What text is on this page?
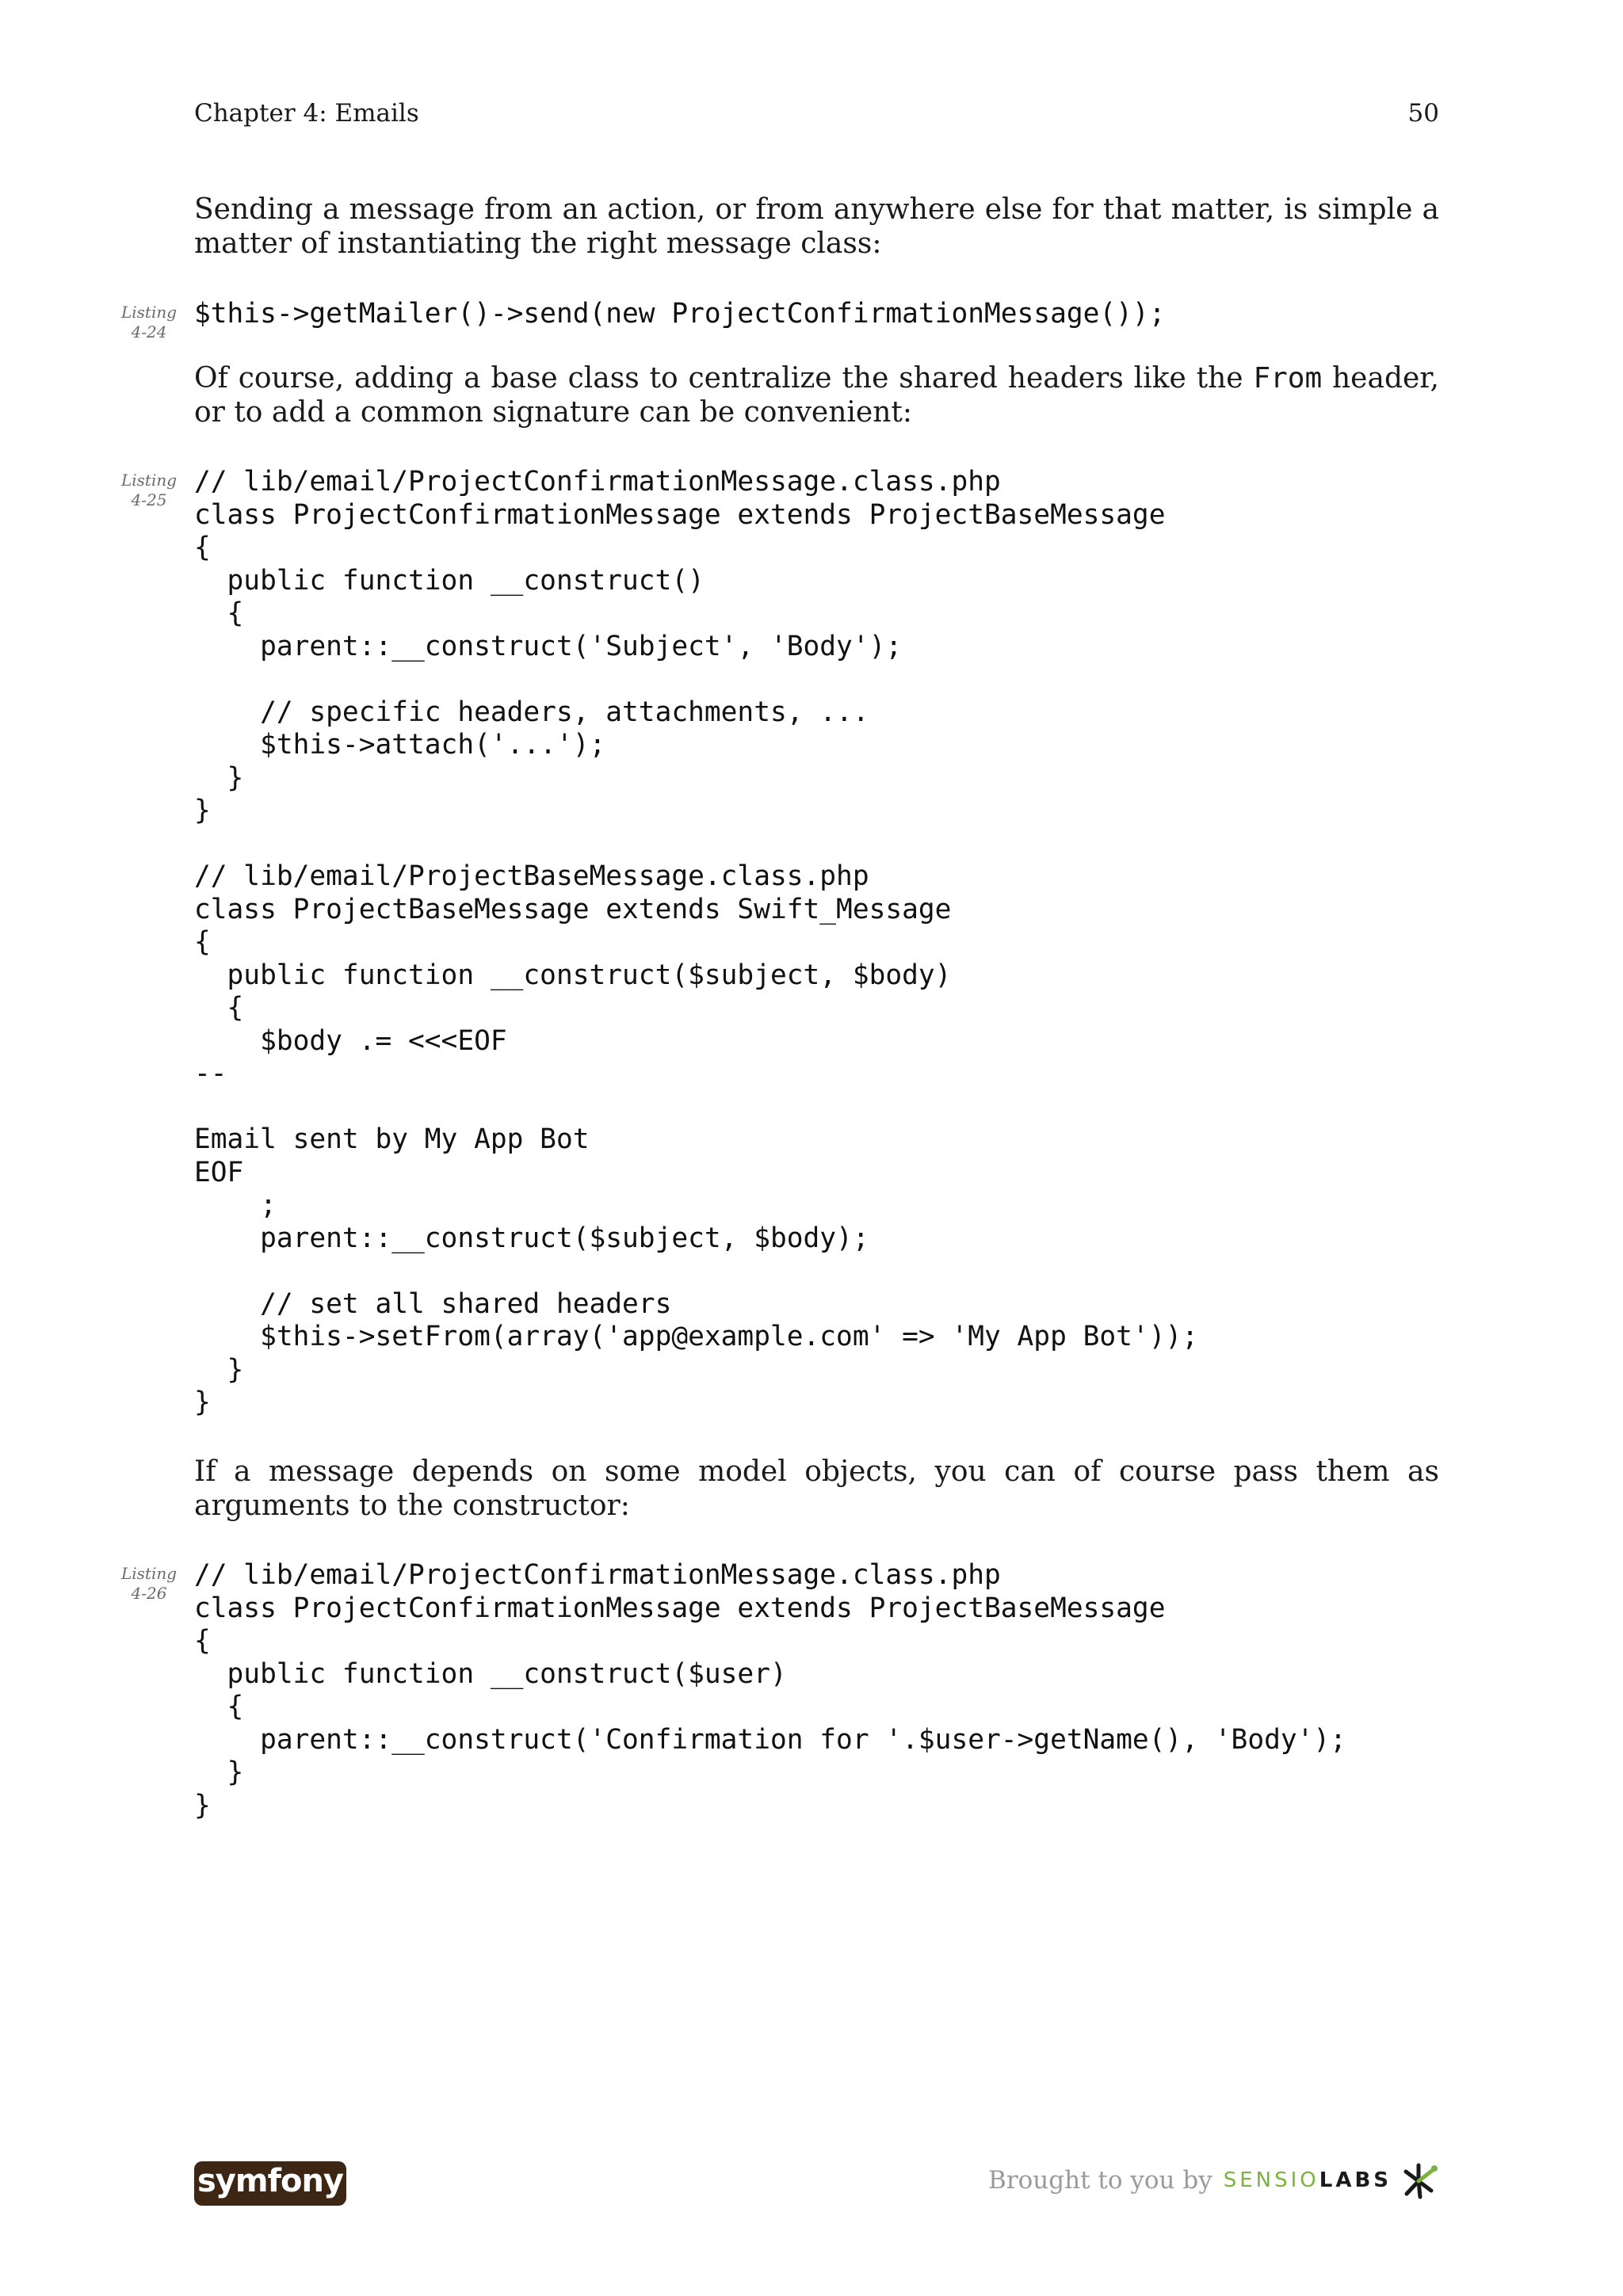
Chapter 4: Emails	50

Sending a message from an action, or from anywhere else for that matter, is simple a matter of instantiating the right message class:

Listing
4-24
$this->getMailer()->send(new ProjectConfirmationMessage());

Of course, adding a base class to centralize the shared headers like the From header, or to add a common signature can be convenient:

Listing
4-25
// lib/email/ProjectConfirmationMessage.class.php
class ProjectConfirmationMessage extends ProjectBaseMessage
{
public function __construct()
{
parent::__construct('Subject', 'Body');

// specific headers, attachments, ...
$this->attach('...');
}
}

// lib/email/ProjectBaseMessage.class.php
class ProjectBaseMessage extends Swift_Message
{
public function __construct($subject, $body)
{
$body .= <<<EOF
--

Email sent by My App Bot
EOF
;
parent::__construct($subject, $body);

// set all shared headers
$this->setFrom(array('app@example.com' => 'My App Bot'));
}
}

If a message depends on some model objects, you can of course pass them as arguments to the constructor:

Listing
4-26
// lib/email/ProjectConfirmationMessage.class.php
class ProjectConfirmationMessage extends ProjectBaseMessage
{
public function __construct($user)
{
parent::__construct('Confirmation for '.$user->getName(), 'Body');
}
}
symfony	Brought to you by SENSIO LABS
